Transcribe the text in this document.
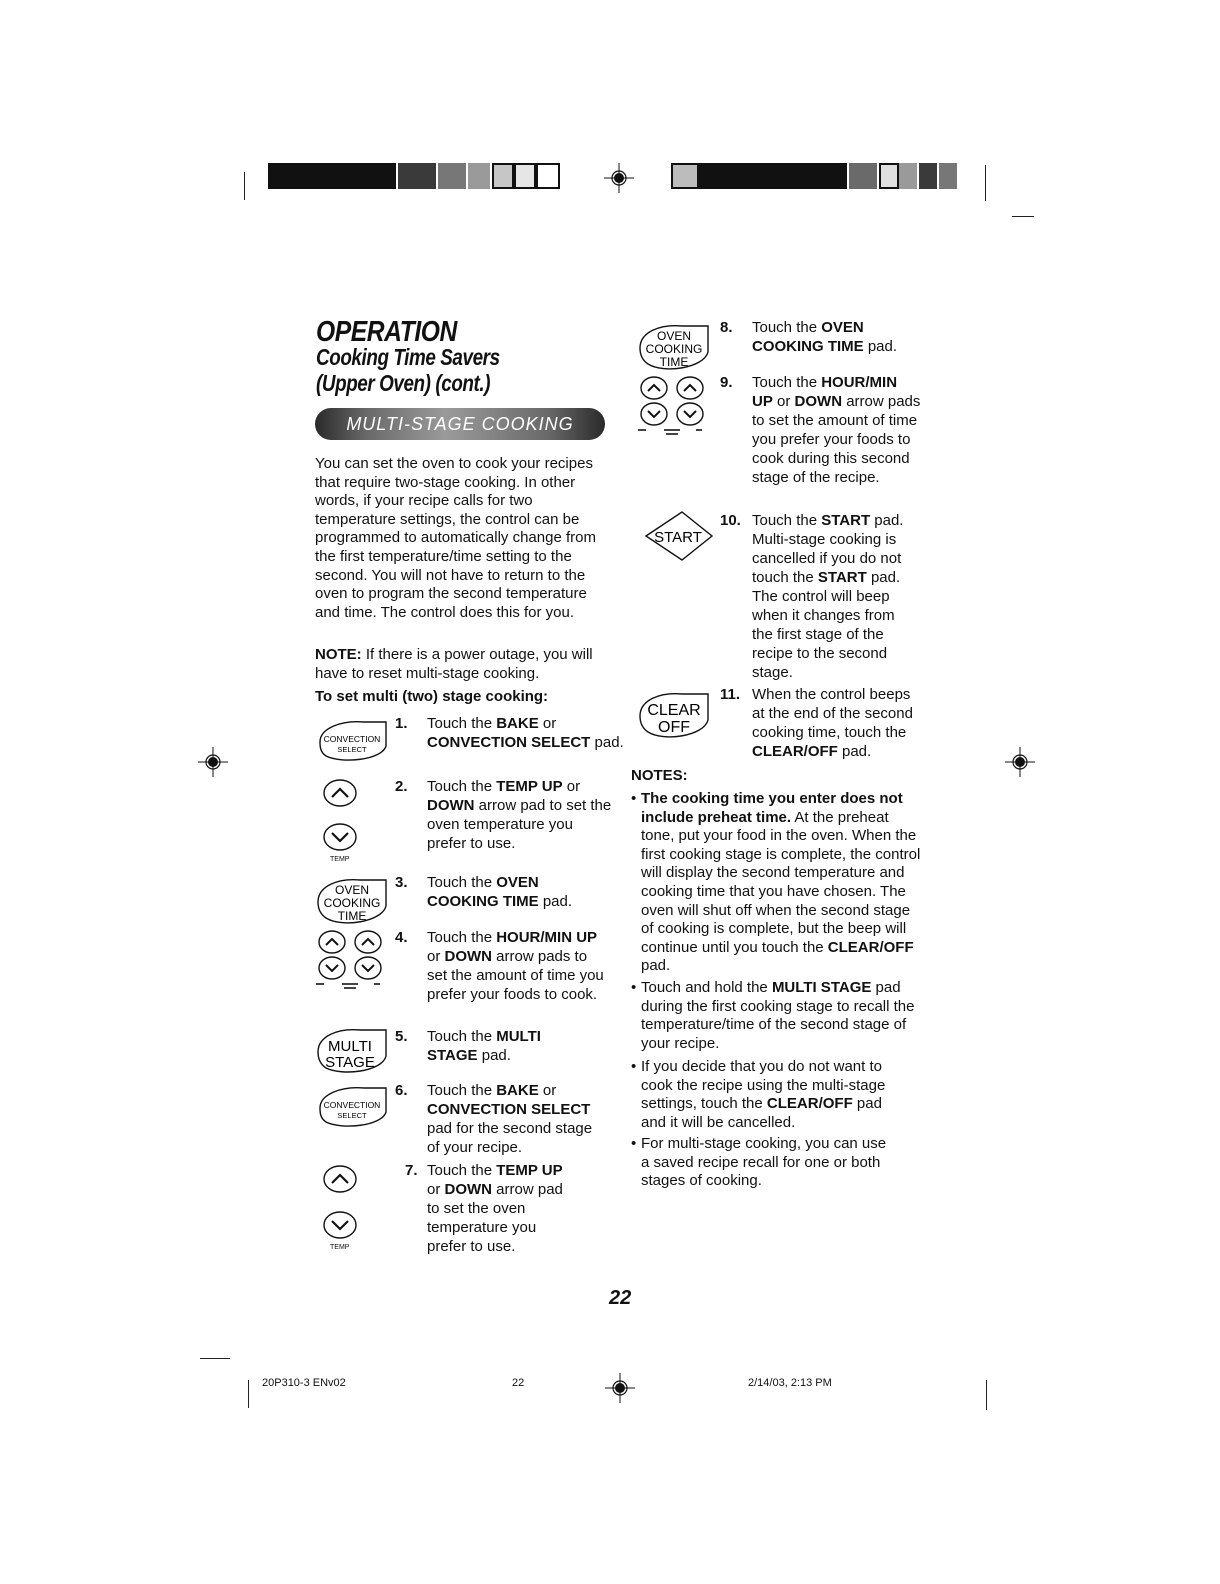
OPERATION
Cooking Time Savers
(Upper Oven) (cont.)
MULTI-STAGE COOKING
You can set the oven to cook your recipes that require two-stage cooking. In other words, if your recipe calls for two temperature settings, the control can be programmed to automatically change from the first temperature/time setting to the second. You will not have to return to the oven to program the second temperature and time. The control does this for you.
NOTE: If there is a power outage, you will have to reset multi-stage cooking.
To set multi (two) stage cooking:
CONVECTION
SELECT
TEMP
OVEN
COOKING
TIME
MULTI
STAGE
CONVECTION
SELECT
TEMP
1. Touch the BAKE or CONVECTION SELECT pad.
2. Touch the TEMP UP or DOWN arrow pad to set the oven temperature you prefer to use.
3. Touch the OVEN COOKING TIME pad.
4. Touch the HOUR/MIN UP or DOWN arrow pads to set the amount of time you prefer your foods to cook.
5. Touch the MULTI STAGE pad.
6. Touch the BAKE or CONVECTION SELECT pad for the second stage of your recipe.
7. Touch the TEMP UP or DOWN arrow pad to set the oven temperature you prefer to use.
OVEN
COOKING
TIME
START
CLEAR
OFF
8. Touch the OVEN COOKING TIME pad.
9. Touch the HOUR/MIN UP or DOWN arrow pads to set the amount of time you prefer your foods to cook during this second stage of the recipe.
10. Touch the START pad. Multi-stage cooking is cancelled if you do not touch the START pad. The control will beep when it changes from the first stage of the recipe to the second stage.
11. When the control beeps at the end of the second cooking time, touch the CLEAR/OFF pad.
NOTES:
• The cooking time you enter does not include preheat time. At the preheat tone, put your food in the oven. When the first cooking stage is complete, the control will display the second temperature and cooking time that you have chosen. The oven will shut off when the second stage of cooking is complete, but the beep will continue until you touch the CLEAR/OFF pad.
• Touch and hold the MULTI STAGE pad during the first cooking stage to recall the temperature/time of the second stage of your recipe.
• If you decide that you do not want to cook the recipe using the multi-stage settings, touch the CLEAR/OFF pad and it will be cancelled.
• For multi-stage cooking, you can use a saved recipe recall for one or both stages of cooking.
22
20P310-3 ENv02	22	2/14/03, 2:13 PM
